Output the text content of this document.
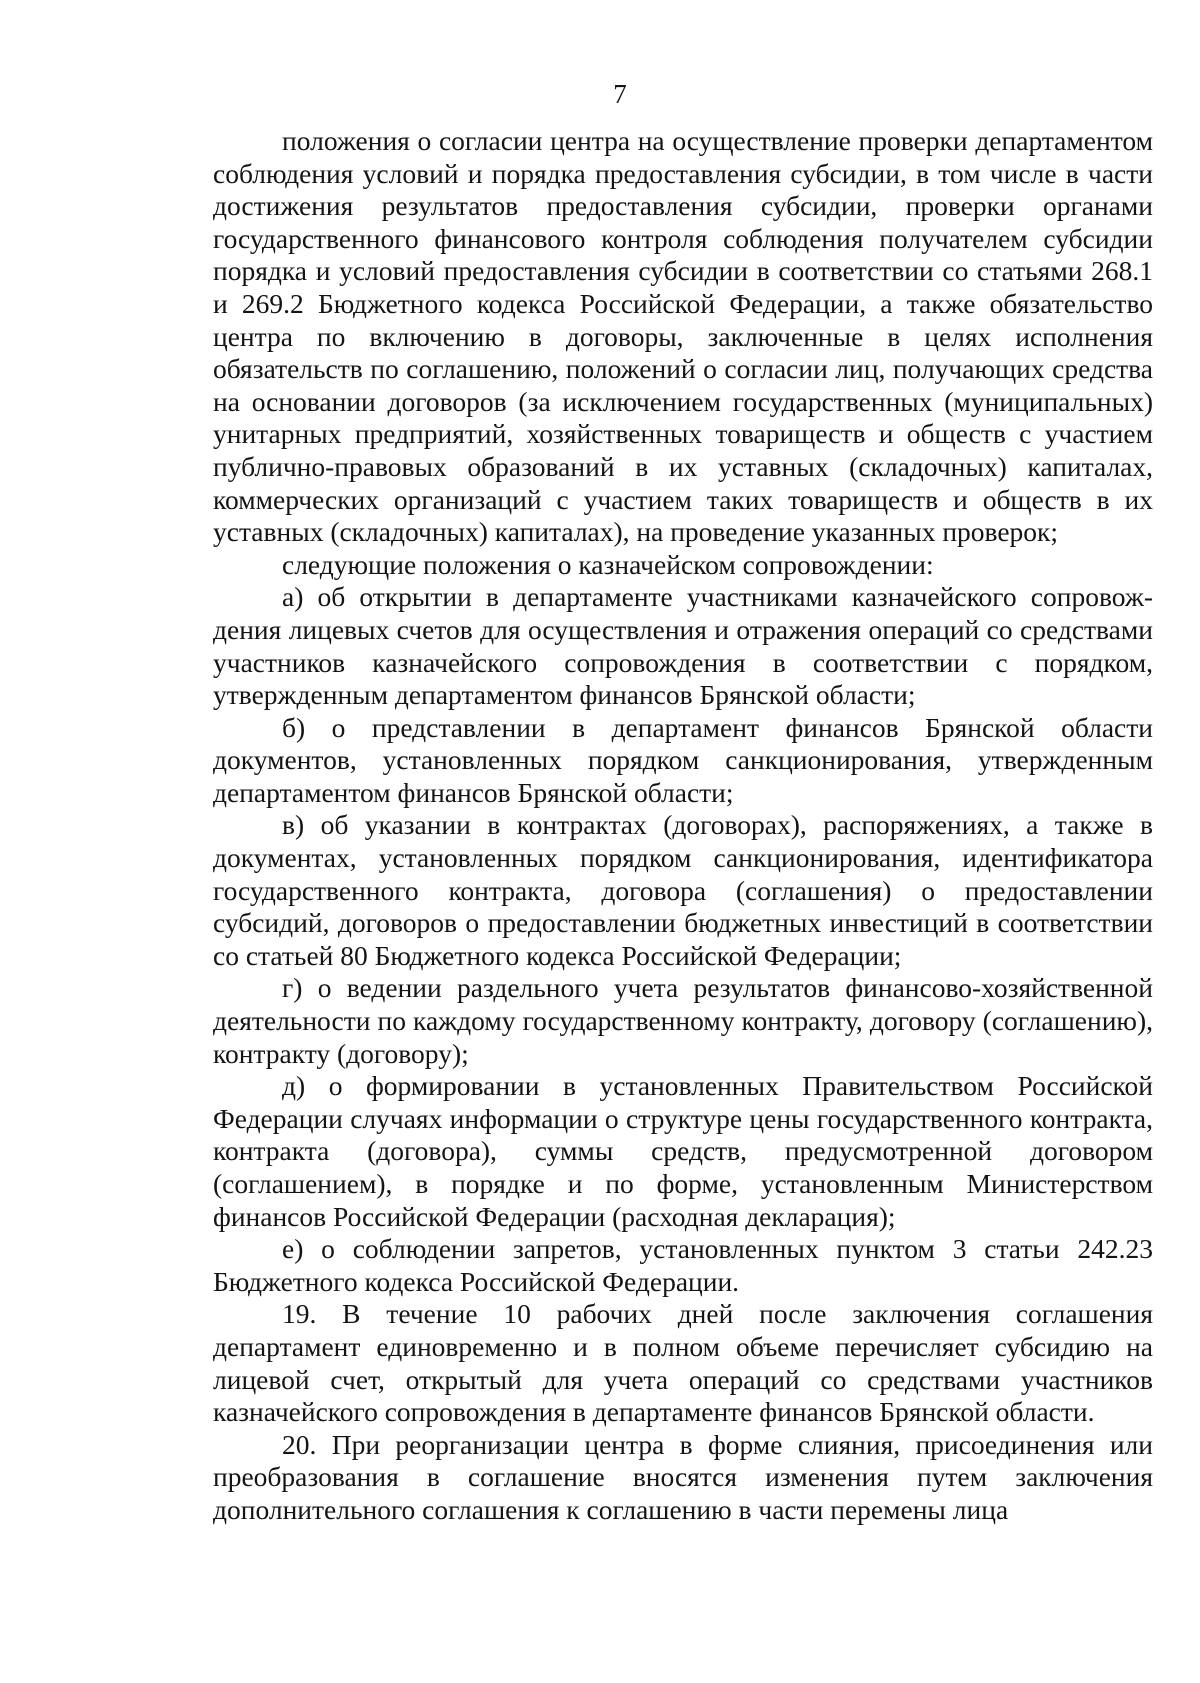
7

положения о согласии центра на осуществление проверки департаментом соблюдения условий и порядка предоставления субсидии, в том числе в части достижения результатов предоставления субсидии, проверки органами государственного финансового контроля соблюдения получателем субсидии порядка и условий предоставления субсидии в соответствии со статьями 268.1 и 269.2 Бюджетного кодекса Российской Федерации, а также обязательство центра по включению в договоры, заключенные в целях исполнения обязательств по соглашению, положений о согласии лиц, получающих средства на основании договоров (за исключением государственных (муниципальных) унитарных предприятий, хозяйственных товариществ и обществ с участием публично-правовых образований в их уставных (складочных) капиталах, коммерческих организаций с участием таких товариществ и обществ в их уставных (складочных) капиталах), на проведение указанных проверок;

следующие положения о казначейском сопровождении:

а) об открытии в департаменте участниками казначейского сопровождения лицевых счетов для осуществления и отражения операций со средствами участников казначейского сопровождения в соответствии с порядком, утвержденным департаментом финансов Брянской области;

б) о представлении в департамент финансов Брянской области документов, установленных порядком санкционирования, утвержденным департаментом финансов Брянской области;

в) об указании в контрактах (договорах), распоряжениях, а также в документах, установленных порядком санкционирования, идентификатора государственного контракта, договора (соглашения) о предоставлении субсидий, договоров о предоставлении бюджетных инвестиций в соответствии со статьей 80 Бюджетного кодекса Российской Федерации;

г) о ведении раздельного учета результатов финансово-хозяйственной деятельности по каждому государственному контракту, договору (соглашению), контракту (договору);

д) о формировании в установленных Правительством Российской Федерации случаях информации о структуре цены государственного контракта, контракта (договора), суммы средств, предусмотренной договором (соглашением), в порядке и по форме, установленным Министерством финансов Российской Федерации (расходная декларация);

е) о соблюдении запретов, установленных пунктом 3 статьи 242.23 Бюджетного кодекса Российской Федерации.

19. В течение 10 рабочих дней после заключения соглашения департамент единовременно и в полном объеме перечисляет субсидию на лицевой счет, открытый для учета операций со средствами участников казначейского сопровождения в департаменте финансов Брянской области.

20. При реорганизации центра в форме слияния, присоединения или преобразования в соглашение вносятся изменения путем заключения дополнительного соглашения к соглашению в части перемены лица
